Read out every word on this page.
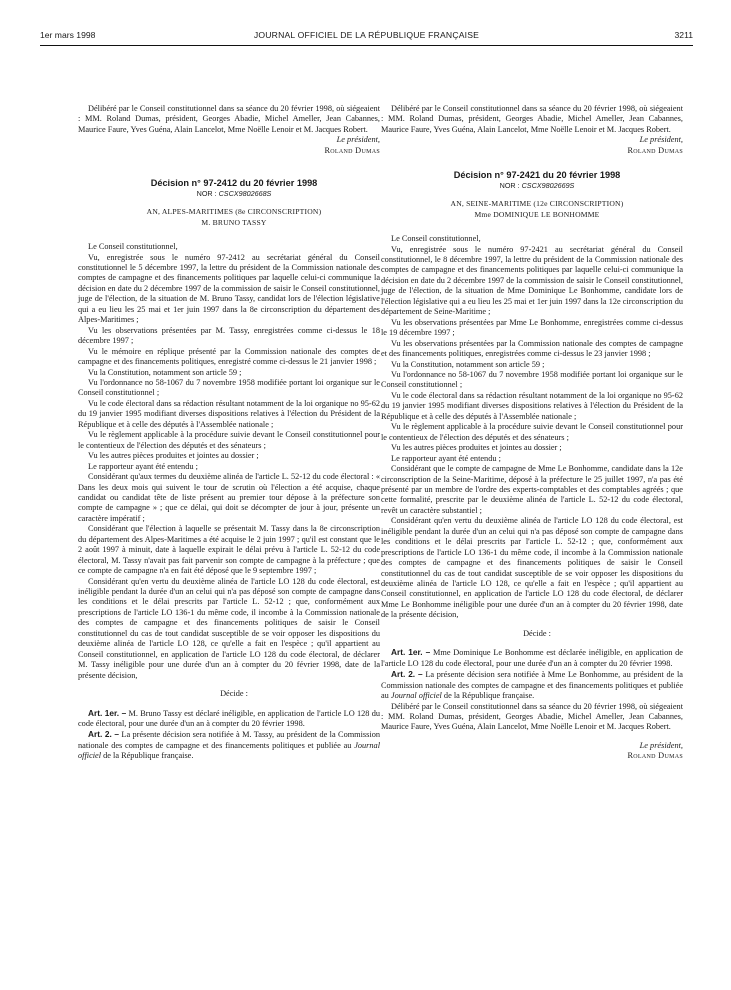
1er mars 1998	JOURNAL OFFICIEL DE LA RÉPUBLIQUE FRANÇAISE	3211

Délibéré par le Conseil constitutionnel dans sa séance du 20 février 1998, où siégeaient : MM. Roland Dumas, président, Georges Abadie, Michel Ameller, Jean Cabannes, Maurice Faure, Yves Guéna, Alain Lancelot, Mme Noëlle Lenoir et M. Jacques Robert.

Le président,

Roland Dumas

Décision n° 97-2412 du 20 février 1998

NOR : CSCX9802668S

AN, ALPES-MARITIMES (8e CIRCONSCRIPTION)

M. BRUNO TASSY

Le Conseil constitutionnel,

Vu, enregistrée sous le numéro 97-2412 au secrétariat général du Conseil constitutionnel le 5 décembre 1997, la lettre du président de la Commission nationale des comptes de campagne et des financements politiques par laquelle celui-ci communique la décision en date du 2 décembre 1997 de la commission de saisir le Conseil constitutionnel, juge de l'élection, de la situation de M. Bruno Tassy, candidat lors de l'élection législative qui a eu lieu les 25 mai et 1er juin 1997 dans la 8e circonscription du département des Alpes-Maritimes ;

Vu les observations présentées par M. Tassy, enregistrées comme ci-dessus le 18 décembre 1997 ;

Vu le mémoire en réplique présenté par la Commission nationale des comptes de campagne et des financements politiques, enregistré comme ci-dessus le 21 janvier 1998 ;

Vu la Constitution, notamment son article 59 ;

Vu l'ordonnance no 58-1067 du 7 novembre 1958 modifiée portant loi organique sur le Conseil constitutionnel ;

Vu le code électoral dans sa rédaction résultant notamment de la loi organique no 95-62 du 19 janvier 1995 modifiant diverses dispositions relatives à l'élection du Président de la République et à celle des députés à l'Assemblée nationale ;

Vu le règlement applicable à la procédure suivie devant le Conseil constitutionnel pour le contentieux de l'élection des députés et des sénateurs ;

Vu les autres pièces produites et jointes au dossier ;

Le rapporteur ayant été entendu ;

Considérant qu'aux termes du deuxième alinéa de l'article L. 52-12 du code électoral : « Dans les deux mois qui suivent le tour de scrutin où l'élection a été acquise, chaque candidat ou candidat tête de liste présent au premier tour dépose à la préfecture son compte de campagne » ; que ce délai, qui doit se décompter de jour à jour, présente un caractère impératif ;

Considérant que l'élection à laquelle se présentait M. Tassy dans la 8e circonscription du département des Alpes-Maritimes a été acquise le 2 juin 1997 ; qu'il est constant que le 2 août 1997 à minuit, date à laquelle expirait le délai prévu à l'article L. 52-12 du code électoral, M. Tassy n'avait pas fait parvenir son compte de campagne à la préfecture ; que ce compte de campagne n'a en fait été déposé que le 9 septembre 1997 ;

Considérant qu'en vertu du deuxième alinéa de l'article LO 128 du code électoral, est inéligible pendant la durée d'un an celui qui n'a pas déposé son compte de campagne dans les conditions et le délai prescrits par l'article L. 52-12 ; que, conformément aux prescriptions de l'article LO 136-1 du même code, il incombe à la Commission nationale des comptes de campagne et des financements politiques de saisir le Conseil constitutionnel du cas de tout candidat susceptible de se voir opposer les dispositions du deuxième alinéa de l'article LO 128, ce qu'elle a fait en l'espèce ; qu'il appartient au Conseil constitutionnel, en application de l'article LO 128 du code électoral, de déclarer M. Tassy inéligible pour une durée d'un an à compter du 20 février 1998, date de la présente décision,

Décide :

Art. 1er. – M. Bruno Tassy est déclaré inéligible, en application de l'article LO 128 du code électoral, pour une durée d'un an à compter du 20 février 1998.

Art. 2. – La présente décision sera notifiée à M. Tassy, au président de la Commission nationale des comptes de campagne et des financements politiques et publiée au Journal officiel de la République française.

Délibéré par le Conseil constitutionnel dans sa séance du 20 février 1998, où siégeaient : MM. Roland Dumas, président, Georges Abadie, Michel Ameller, Jean Cabannes, Maurice Faure, Yves Guéna, Alain Lancelot, Mme Noëlle Lenoir et M. Jacques Robert.

Le président,

Roland Dumas

Décision n° 97-2421 du 20 février 1998

NOR : CSCX9802669S

AN, SEINE-MARITIME (12e CIRCONSCRIPTION)

Mme DOMINIQUE LE BONHOMME

Le Conseil constitutionnel,

Vu, enregistrée sous le numéro 97-2421 au secrétariat général du Conseil constitutionnel, le 8 décembre 1997, la lettre du président de la Commission nationale des comptes de campagne et des financements politiques par laquelle celui-ci communique la décision en date du 2 décembre 1997 de la commission de saisir le Conseil constitutionnel, juge de l'élection, de la situation de Mme Dominique Le Bonhomme, candidate lors de l'élection législative qui a eu lieu les 25 mai et 1er juin 1997 dans la 12e circonscription du département de Seine-Maritime ;

Vu les observations présentées par Mme Le Bonhomme, enregistrées comme ci-dessus le 19 décembre 1997 ;

Vu les observations présentées par la Commission nationale des comptes de campagne et des financements politiques, enregistrées comme ci-dessus le 23 janvier 1998 ;

Vu la Constitution, notamment son article 59 ;

Vu l'ordonnance no 58-1067 du 7 novembre 1958 modifiée portant loi organique sur le Conseil constitutionnel ;

Vu le code électoral dans sa rédaction résultant notamment de la loi organique no 95-62 du 19 janvier 1995 modifiant diverses dispositions relatives à l'élection du Président de la République et à celle des députés à l'Assemblée nationale ;

Vu le règlement applicable à la procédure suivie devant le Conseil constitutionnel pour le contentieux de l'élection des députés et des sénateurs ;

Vu les autres pièces produites et jointes au dossier ;

Le rapporteur ayant été entendu ;

Considérant que le compte de campagne de Mme Le Bonhomme, candidate dans la 12e circonscription de la Seine-Maritime, déposé à la préfecture le 25 juillet 1997, n'a pas été présenté par un membre de l'ordre des experts-comptables et des comptables agréés ; que cette formalité, prescrite par le deuxième alinéa de l'article L. 52-12 du code électoral, revêt un caractère substantiel ;

Considérant qu'en vertu du deuxième alinéa de l'article LO 128 du code électoral, est inéligible pendant la durée d'un an celui qui n'a pas déposé son compte de campagne dans les conditions et le délai prescrits par l'article L. 52-12 ; que, conformément aux prescriptions de l'article LO 136-1 du même code, il incombe à la Commission nationale des comptes de campagne et des financements politiques de saisir le Conseil constitutionnel du cas de tout candidat susceptible de se voir opposer les dispositions du deuxième alinéa de l'article LO 128, ce qu'elle a fait en l'espèce ; qu'il appartient au Conseil constitutionnel, en application de l'article LO 128 du code électoral, de déclarer Mme Le Bonhomme inéligible pour une durée d'un an à compter du 20 février 1998, date de la présente décision,

Décide :

Art. 1er. – Mme Dominique Le Bonhomme est déclarée inéligible, en application de l'article LO 128 du code électoral, pour une durée d'un an à compter du 20 février 1998.

Art. 2. – La présente décision sera notifiée à Mme Le Bonhomme, au président de la Commission nationale des comptes de campagne et des financements politiques et publiée au Journal officiel de la République française.

Délibéré par le Conseil constitutionnel dans sa séance du 20 février 1998, où siégeaient : MM. Roland Dumas, président, Georges Abadie, Michel Ameller, Jean Cabannes, Maurice Faure, Yves Guéna, Alain Lancelot, Mme Noëlle Lenoir et M. Jacques Robert.

Le président,

Roland Dumas
